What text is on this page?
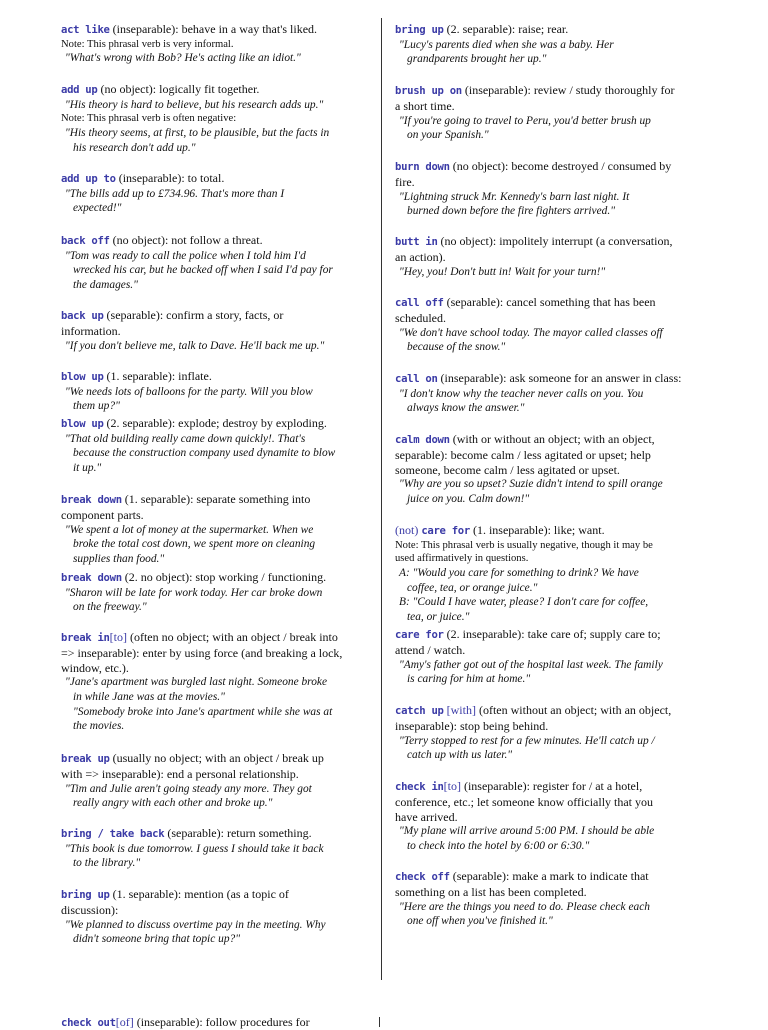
act like (inseparable): behave in a way that's liked.
Note: This phrasal verb is very informal.
"What's wrong with Bob? He's acting like an idiot."
add up (no object): logically fit together.
"His theory is hard to believe, but his research adds up."
Note: This phrasal verb is often negative:
"His theory seems, at first, to be plausible, but the facts in
his research don't add up."
add up to (inseparable): to total.
"The bills add up to £734.96. That's more than I
expected!"
back off (no object): not follow a threat.
"Tom was ready to call the police when I told him I'd
wrecked his car, but he backed off when I said I'd pay for
the damages."
back up (separable): confirm a story, facts, or
information.
"If you don't believe me, talk to Dave. He'll back me up."
blow up (1. separable): inflate.
"We needs lots of balloons for the party. Will you blow
them up?"
blow up (2. separable): explode; destroy by exploding.
"That old building really came down quickly!. That's
because the construction company used dynamite to blow
it up."
break down (1. separable): separate something into
component parts.
"We spent a lot of money at the supermarket. When we
broke the total cost down, we spent more on cleaning
supplies than food."
break down (2. no object): stop working / functioning.
"Sharon will be late for work today. Her car broke down
on the freeway."
break in[to] (often no object; with an object / break into
=> inseparable): enter by using force (and breaking a lock,
window, etc.).
"Jane's apartment was burgled last night. Someone broke
in while Jane was at the movies."
"Somebody broke into Jane's apartment while she was at
the movies.
break up (usually no object; with an object / break up
with => inseparable): end a personal relationship.
"Tim and Julie aren't going steady any more. They got
really angry with each other and broke up."
bring / take back (separable): return something.
"This book is due tomorrow. I guess I should take it back
to the library."
bring up (1. separable): mention (as a topic of
discussion):
"We planned to discuss overtime pay in the meeting. Why
didn't someone bring that topic up?"
bring up (2. separable): raise; rear.
"Lucy's parents died when she was a baby. Her
grandparents brought her up."
brush up on (inseparable): review / study thoroughly for
a short time.
"If you're going to travel to Peru, you'd better brush up
on your Spanish."
burn down (no object): become destroyed / consumed by
fire.
"Lightning struck Mr. Kennedy's barn last night. It
burned down before the fire fighters arrived."
butt in (no object): impolitely interrupt (a conversation,
an action).
"Hey, you! Don't butt in! Wait for your turn!"
call off (separable): cancel something that has been
scheduled.
"We don't have school today. The mayor called classes off
because of the snow."
call on (inseparable): ask someone for an answer in class:
"I don't know why the teacher never calls on you. You
always know the answer."
calm down (with or without an object; with an object,
separable): become calm / less agitated or upset; help
someone, become calm / less agitated or upset.
"Why are you so upset? Suzie didn't intend to spill orange
juice on you. Calm down!"
(not) care for (1. inseparable): like; want.
Note: This phrasal verb is usually negative, though it may be
used affirmatively in questions.
A: "Would you care for something to drink? We have
coffee, tea, or orange juice."
B: "Could I have water, please? I don't care for coffee,
tea, or juice."
care for (2. inseparable): take care of; supply care to;
attend / watch.
"Amy's father got out of the hospital last week. The family
is caring for him at home."
catch up [with] (often without an object; with an object,
inseparable): stop being behind.
"Terry stopped to rest for a few minutes. He'll catch up /
catch up with us later."
check in[to] (inseparable): register for / at a hotel,
conference, etc.; let someone know officially that you
have arrived.
"My plane will arrive around 5:00 PM. I should be able
to check into the hotel by 6:00 or 6:30."
check off (separable): make a mark to indicate that
something on a list has been completed.
"Here are the things you need to do. Please check each
one off when you've finished it."
check out[of] (inseparable): follow procedures for
